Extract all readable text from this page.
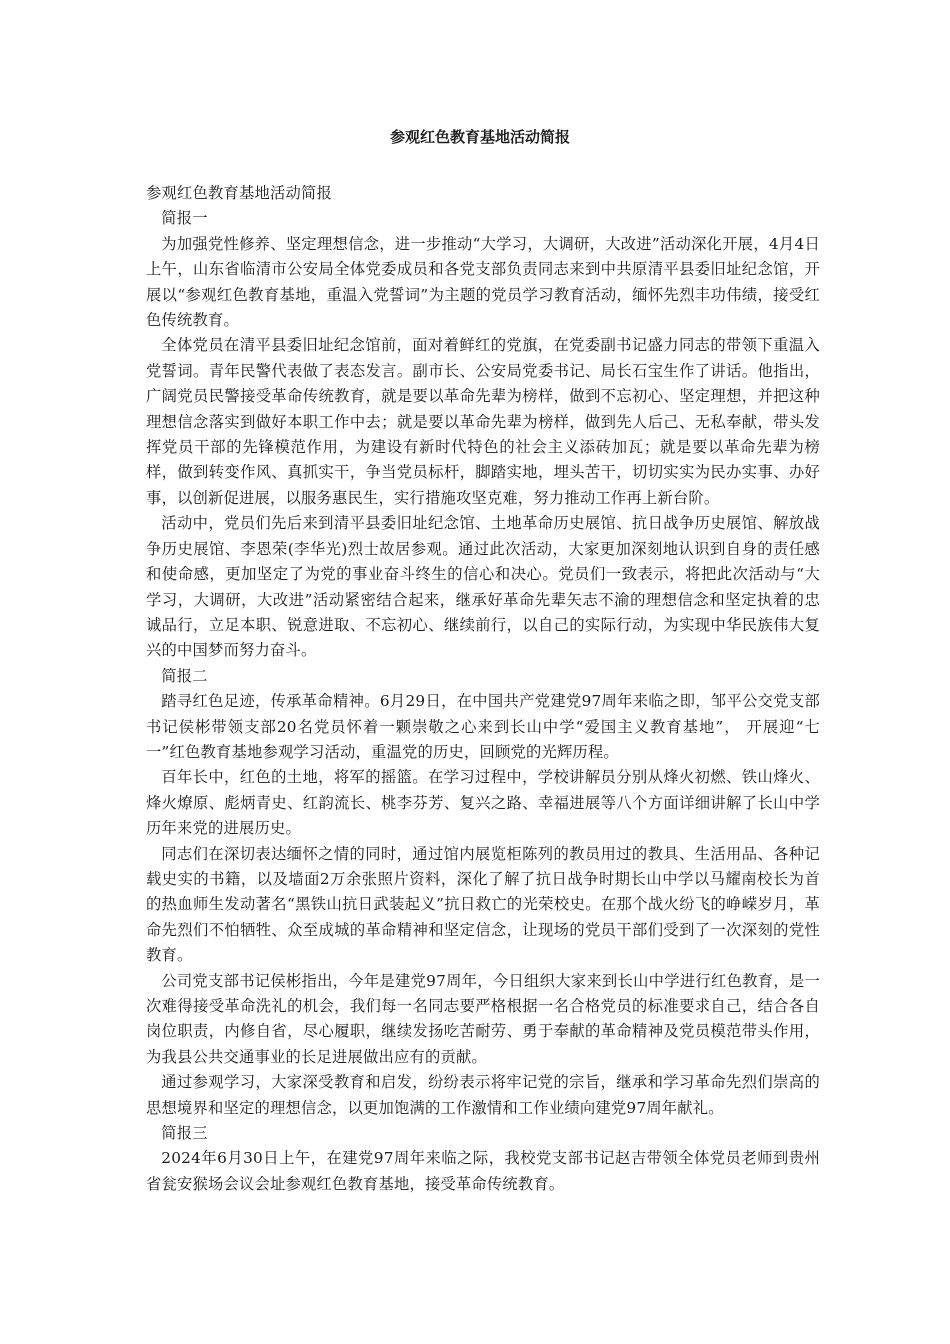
参观红色教育基地活动简报

参观红色教育基地活动简报

简报一

为加强党性修养、坚定理想信念，进一步推动“大学习，大调研，大改进”活动深化开展，4月4日上午，山东省临清市公安局全体党委成员和各党支部负责同志来到中共原清平县委旧址纪念馆，开展以“参观红色教育基地，重温入党誓词”为主题的党员学习教育活动，缅怀先烈丰功伟绩，接受红色传统教育。

全体党员在清平县委旧址纪念馆前，面对着鲜红的党旗，在党委副书记盛力同志的带领下重温入党誓词。青年民警代表做了表态发言。副市长、公安局党委书记、局长石宝生作了讲话。他指出，广阔党员民警接受革命传统教育，就是要以革命先辈为榜样，做到不忘初心、坚定理想，并把这种理想信念落实到做好本职工作中去；就是要以革命先辈为榜样，做到先人后己、无私奉献，带头发挥党员干部的先锋模范作用，为建设有新时代特色的社会主义添砖加瓦；就是要以革命先辈为榜样，做到转变作风、真抓实干，争当党员标杆，脚踏实地，埋头苦干，切切实实为民办实事、办好事，以创新促进展，以服务惠民生，实行措施攻坚克难，努力推动工作再上新台阶。

活动中，党员们先后来到清平县委旧址纪念馆、土地革命历史展馆、抗日战争历史展馆、解放战争历史展馆、李恩荣(李华光)烈士故居参观。通过此次活动，大家更加深刻地认识到自身的责任感和使命感，更加坚定了为党的事业奋斗终生的信心和决心。党员们一致表示，将把此次活动与“大学习，大调研，大改进”活动紧密结合起来，继承好革命先辈矢志不渝的理想信念和坚定执着的忠诚品行，立足本职、锐意进取、不忘初心、继续前行，以自己的实际行动，为实现中华民族伟大复兴的中国梦而努力奋斗。

简报二

踏寻红色足迹，传承革命精神。6月29日，在中国共产党建党97周年来临之即，邹平公交党支部书记侯彬带领支部20名党员怀着一颗崇敬之心来到长山中学“爱国主义教育基地”， 开展迎“七一”红色教育基地参观学习活动，重温党的历史，回顾党的光辉历程。

百年长中，红色的土地，将军的摇篮。在学习过程中，学校讲解员分别从烽火初燃、铁山烽火、烽火燎原、彪炳青史、红韵流长、桃李芬芳、复兴之路、幸福进展等八个方面详细讲解了长山中学历年来党的进展历史。

同志们在深切表达缅怀之情的同时，通过馆内展览柜陈列的教员用过的教具、生活用品、各种记载史实的书籍，以及墙面2万余张照片资料，深化了解了抗日战争时期长山中学以马耀南校长为首的热血师生发动著名“黑铁山抗日武装起义”抗日救亡的光荣校史。在那个战火纷飞的峥嵘岁月，革命先烈们不怕牺牲、众至成城的革命精神和坚定信念，让现场的党员干部们受到了一次深刻的党性教育。

公司党支部书记侯彬指出，今年是建党97周年，今日组织大家来到长山中学进行红色教育，是一次难得接受革命洗礼的机会，我们每一名同志要严格根据一名合格党员的标准要求自己，结合各自岗位职责，内修自省，尽心履职，继续发扬吃苦耐劳、勇于奉献的革命精神及党员模范带头作用，为我县公共交通事业的长足进展做出应有的贡献。

通过参观学习，大家深受教育和启发，纷纷表示将牢记党的宗旨，继承和学习革命先烈们崇高的思想境界和坚定的理想信念，以更加饱满的工作激情和工作业绩向建党97周年献礼。

简报三

2024年6月30日上午，在建党97周年来临之际，我校党支部书记赵吉带领全体党员老师到贵州省瓮安猴场会议会址参观红色教育基地，接受革命传统教育。
